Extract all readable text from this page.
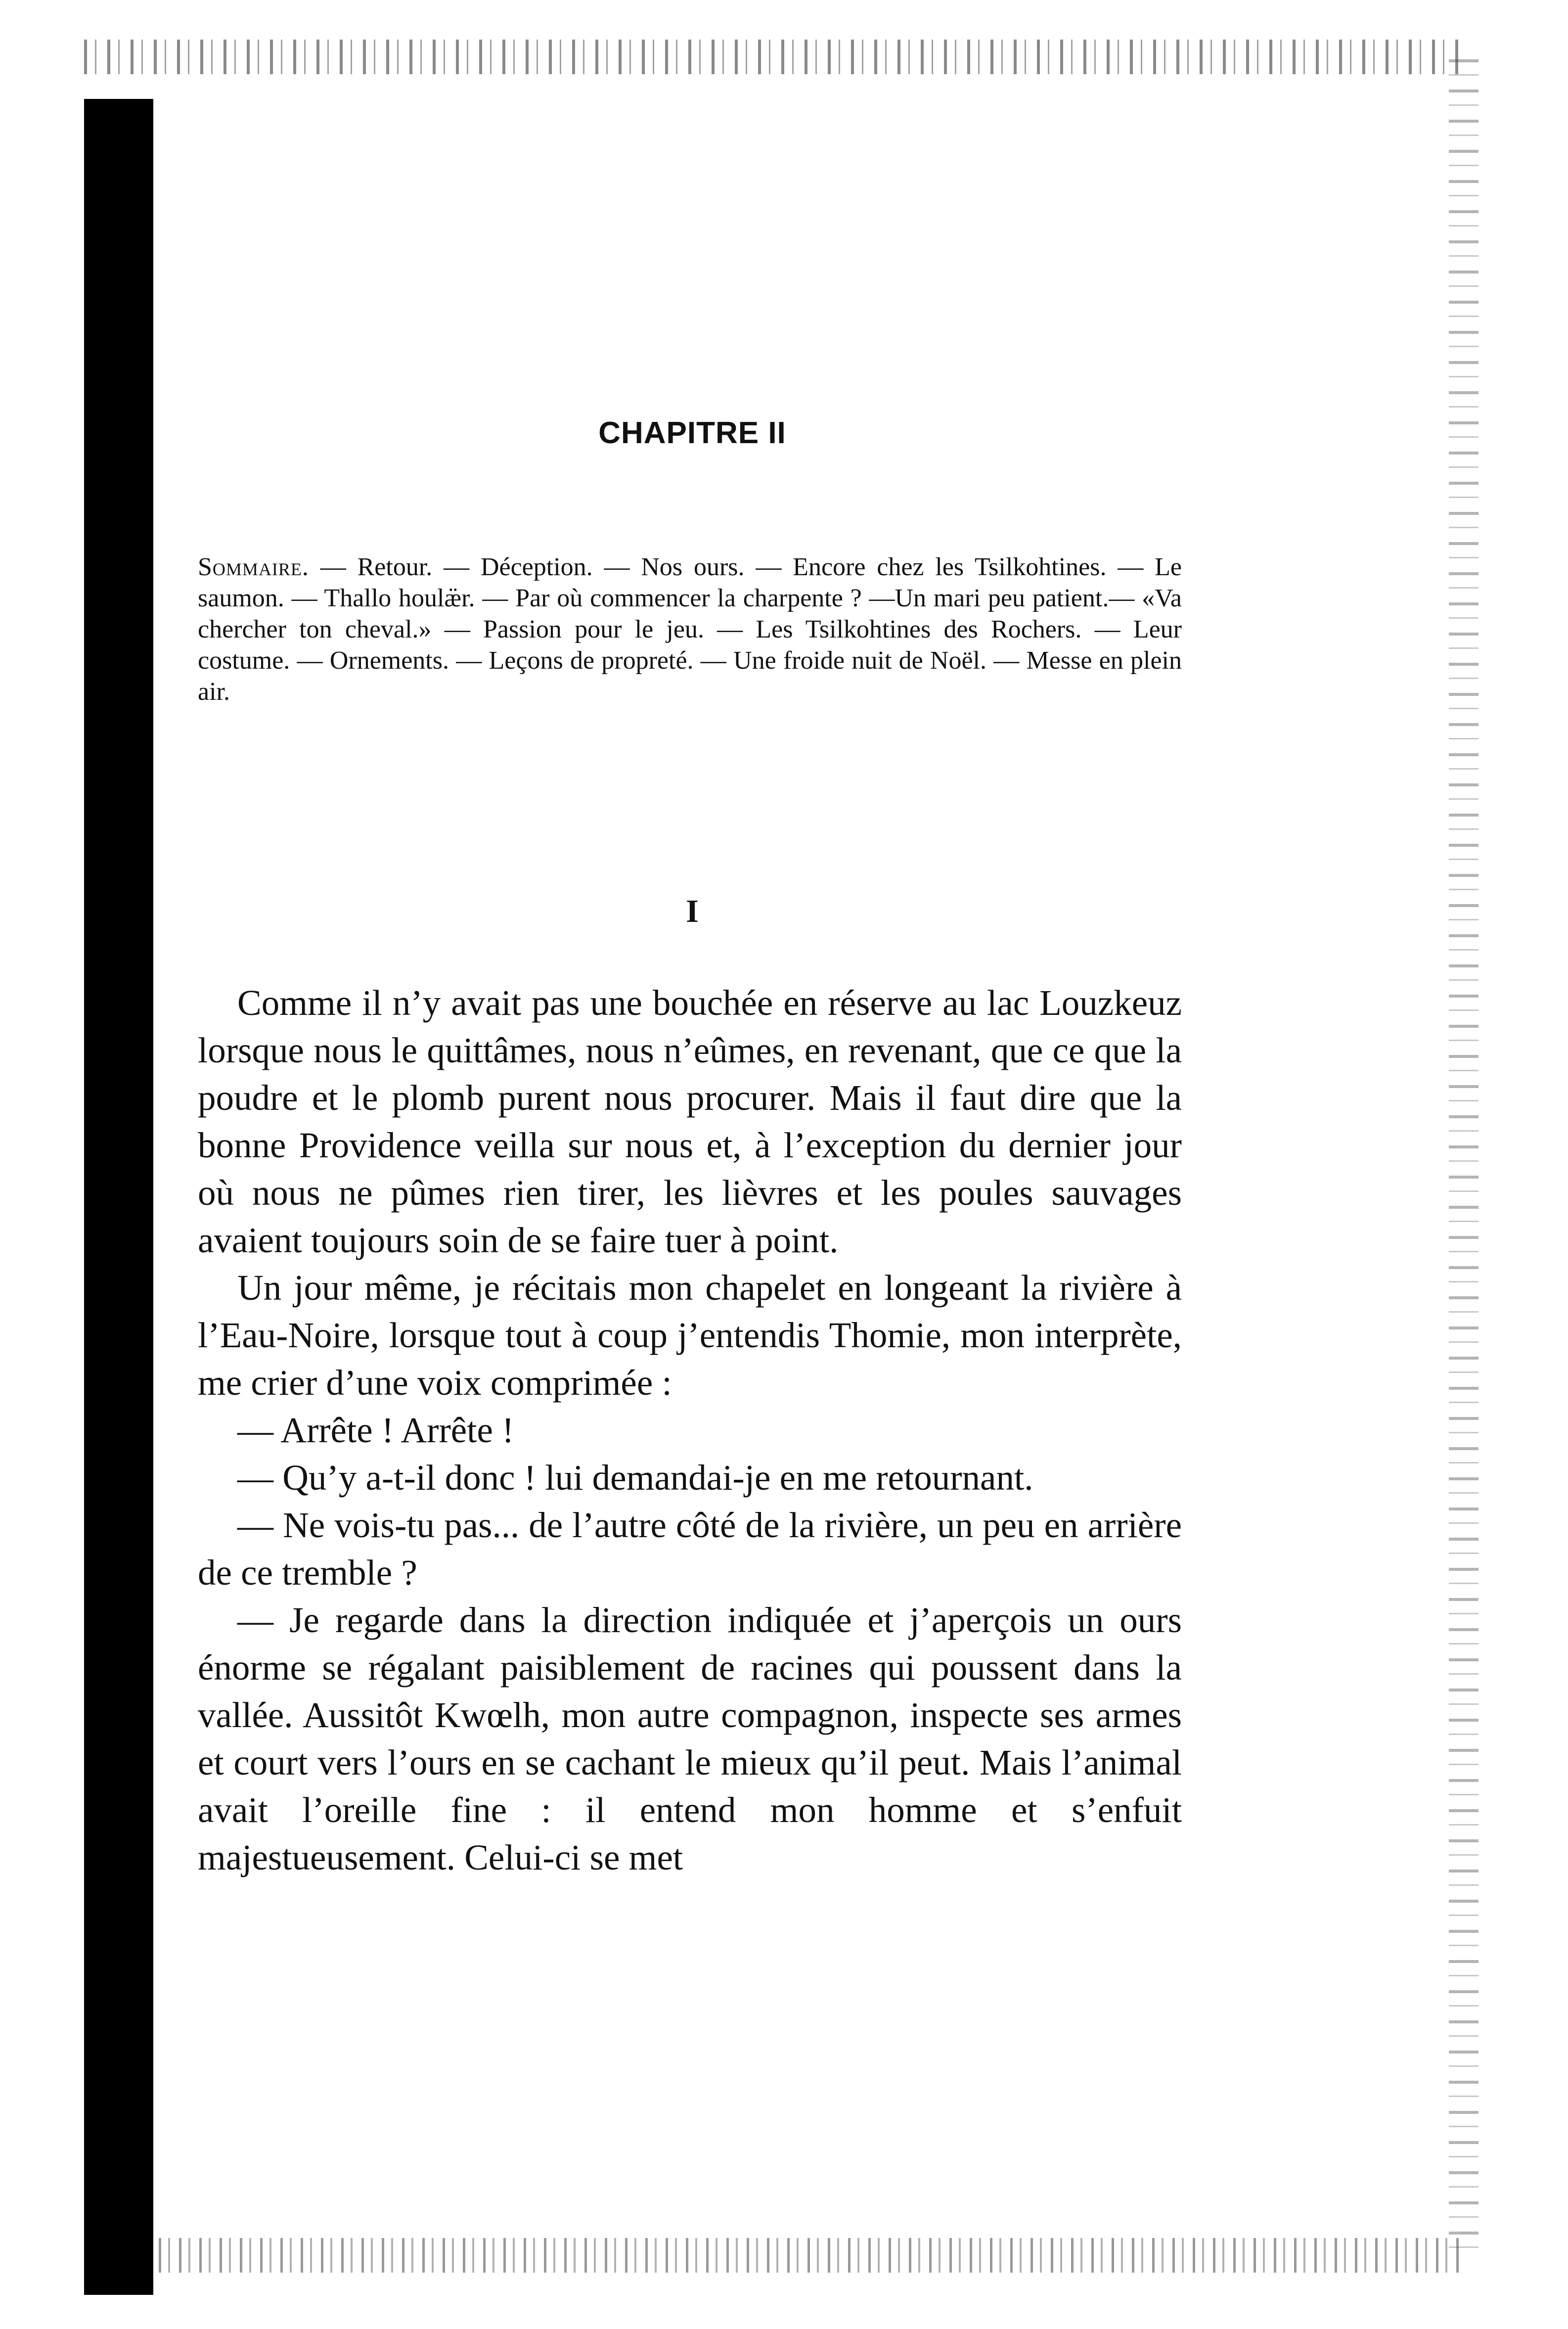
CHAPITRE II

Sommaire. — Retour. — Déception. — Nos ours. — Encore chez les Tsilkohtines. — Le saumon. — Thallo houlæ̈r. — Par où commencer la charpente ? —Un mari peu patient.— «Va chercher ton cheval.» — Passion pour le jeu. — Les Tsilkohtines des Rochers. — Leur costume. — Ornements. — Leçons de propreté. — Une froide nuit de Noël. — Messe en plein air.

I

Comme il n’y avait pas une bouchée en réserve au lac Louzkeuz lorsque nous le quittâmes, nous n’eûmes, en revenant, que ce que la poudre et le plomb purent nous procurer. Mais il faut dire que la bonne Providence veilla sur nous et, à l’exception du dernier jour où nous ne pûmes rien tirer, les lièvres et les poules sauvages avaient toujours soin de se faire tuer à point.

Un jour même, je récitais mon chapelet en longeant la rivière à l’Eau-Noire, lorsque tout à coup j’entendis Thomie, mon interprète, me crier d’une voix comprimée :

— Arrête ! Arrête !

— Qu’y a-t-il donc ! lui demandai-je en me retournant.

— Ne vois-tu pas... de l’autre côté de la rivière, un peu en arrière de ce tremble ?

— Je regarde dans la direction indiquée et j’aperçois un ours énorme se régalant paisiblement de racines qui poussent dans la vallée. Aussitôt Kwœlh, mon autre compagnon, inspecte ses armes et court vers l’ours en se cachant le mieux qu’il peut. Mais l’animal avait l’oreille fine : il entend mon homme et s’enfuit majestueusement. Celui-ci se met
